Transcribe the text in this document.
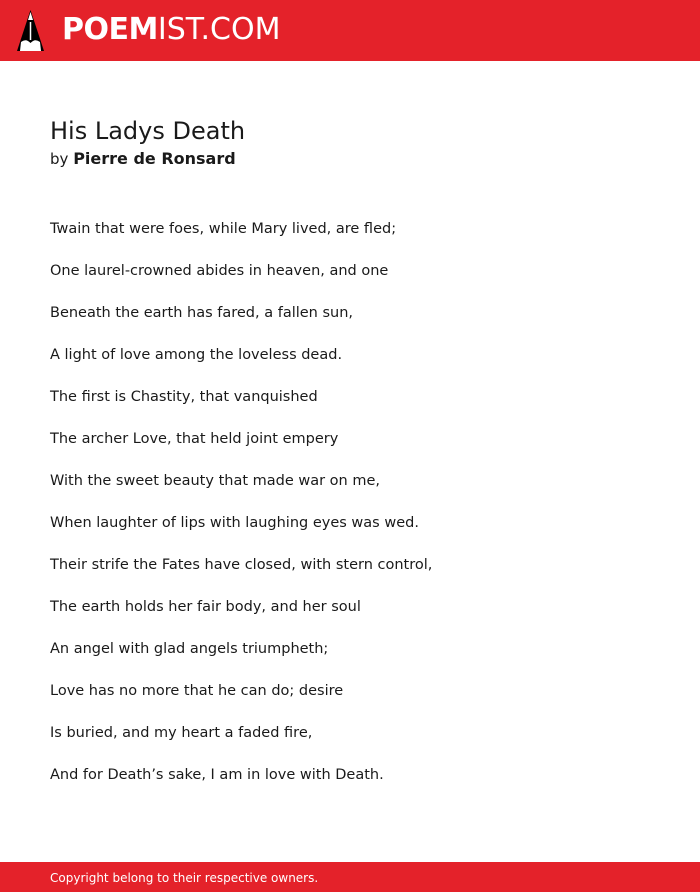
POEMIST.COM
His Ladys Death
by Pierre de Ronsard
Twain that were foes, while Mary lived, are fled;
One laurel-crowned abides in heaven, and one
Beneath the earth has fared, a fallen sun,
A light of love among the loveless dead.
The first is Chastity, that vanquished
The archer Love, that held joint empery
With the sweet beauty that made war on me,
When laughter of lips with laughing eyes was wed.
Their strife the Fates have closed, with stern control,
The earth holds her fair body, and her soul
An angel with glad angels triumpheth;
Love has no more that he can do; desire
Is buried, and my heart a faded fire,
And for Death’s sake, I am in love with Death.
Copyright belong to their respective owners.
